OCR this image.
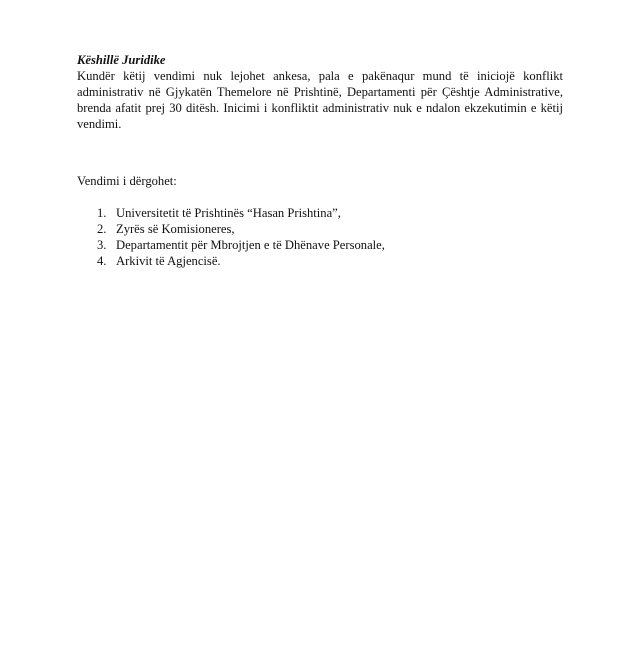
Këshillë Juridike

Kundër këtij vendimi nuk lejohet ankesa, pala e pakënaqur mund të iniciojë konflikt administrativ në Gjykatën Themelore në Prishtinë, Departamenti për Çështje Administrative, brenda afatit prej 30 ditësh. Inicimi i konfliktit administrativ nuk e ndalon ekzekutimin e këtij vendimi.

Vendimi i dërgohet:

1. Universitetit të Prishtinës “Hasan Prishtina”,
2. Zyrës së Komisioneres,
3. Departamentit për Mbrojtjen e të Dhënave Personale,
4. Arkivit të Agjencisë.
